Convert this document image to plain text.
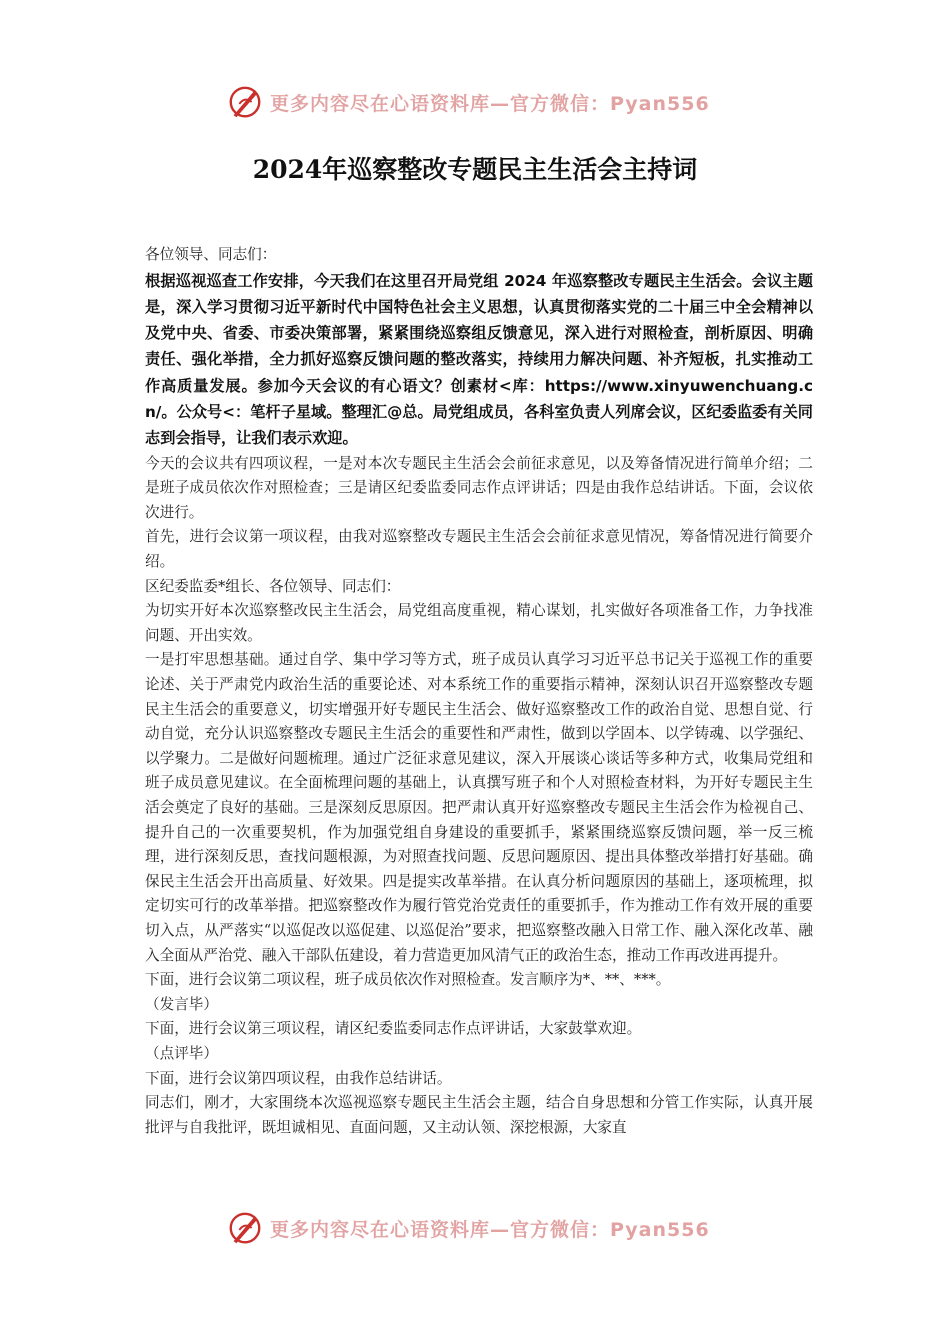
更多内容尽在心语资料库—官方微信：Pyan556
2024年巡察整改专题民主生活会主持词

各位领导、同志们：

根据巡视巡查工作安排，今天我们在这里召开局党组 2024 年巡察整改专题民主生活会。会议主题是，深入学习贯彻习近平新时代中国特色社会主义思想，认真贯彻落实党的二十届三中全会精神以及党中央、省委、市委决策部署，紧紧围绕巡察组反馈意见，深入进行对照检查，剖析原因、明确责任、强化举措，全力抓好巡察反馈问题的整改落实，持续用力解决问题、补齐短板，扎实推动工作高质量发展。参加今天会议的有心语文？创素材<库：https://www.xinyuwenchuang.cn/。公众号<：笔杆子星域。整理汇@总。局党组成员，各科室负责人列席会议，区纪委监委有关同志到会指导，让我们表示欢迎。

今天的会议共有四项议程，一是对本次专题民主生活会会前征求意见，以及筹备情况进行简单介绍；二是班子成员依次作对照检查；三是请区纪委监委同志作点评讲话；四是由我作总结讲话。下面，会议依次进行。

首先，进行会议第一项议程，由我对巡察整改专题民主生活会会前征求意见情况，筹备情况进行简要介绍。

区纪委监委*组长、各位领导、同志们：

为切实开好本次巡察整改民主生活会，局党组高度重视，精心谋划，扎实做好各项准备工作，力争找准问题、开出实效。

一是打牢思想基础。通过自学、集中学习等方式，班子成员认真学习习近平总书记关于巡视工作的重要论述、关于严肃党内政治生活的重要论述、对本系统工作的重要指示精神，深刻认识召开巡察整改专题民主生活会的重要意义，切实增强开好专题民主生活会、做好巡察整改工作的政治自觉、思想自觉、行动自觉，充分认识巡察整改专题民主生活会的重要性和严肃性，做到以学固本、以学铸魂、以学强纪、以学聚力。二是做好问题梳理。通过广泛征求意见建议，深入开展谈心谈话等多种方式，收集局党组和班子成员意见建议。在全面梳理问题的基础上，认真撰写班子和个人对照检查材料，为开好专题民主生活会奠定了良好的基础。三是深刻反思原因。把严肃认真开好巡察整改专题民主生活会作为检视自己、提升自己的一次重要契机，作为加强党组自身建设的重要抓手，紧紧围绕巡察反馈问题，举一反三梳理，进行深刻反思，查找问题根源，为对照查找问题、反思问题原因、提出具体整改举措打好基础。确保民主生活会开出高质量、好效果。四是提实改革举措。在认真分析问题原因的基础上，逐项梳理，拟定切实可行的改革举措。把巡察整改作为履行管党治党责任的重要抓手，作为推动工作有效开展的重要切入点，从严落实“以巡促改以巡促建、以巡促治”要求，把巡察整改融入日常工作、融入深化改革、融入全面从严治党、融入干部队伍建设，着力营造更加风清气正的政治生态，推动工作再改进再提升。

下面，进行会议第二项议程，班子成员依次作对照检查。发言顺序为*、**、***。

（发言毕）

下面，进行会议第三项议程，请区纪委监委同志作点评讲话，大家鼓掌欢迎。

（点评毕）

下面，进行会议第四项议程，由我作总结讲话。

同志们，刚才，大家围绕本次巡视巡察专题民主生活会主题，结合自身思想和分管工作实际，认真开展批评与自我批评，既坦诚相见、直面问题，又主动认领、深挖根源，大家直

更多内容尽在心语资料库—官方微信：Pyan556
